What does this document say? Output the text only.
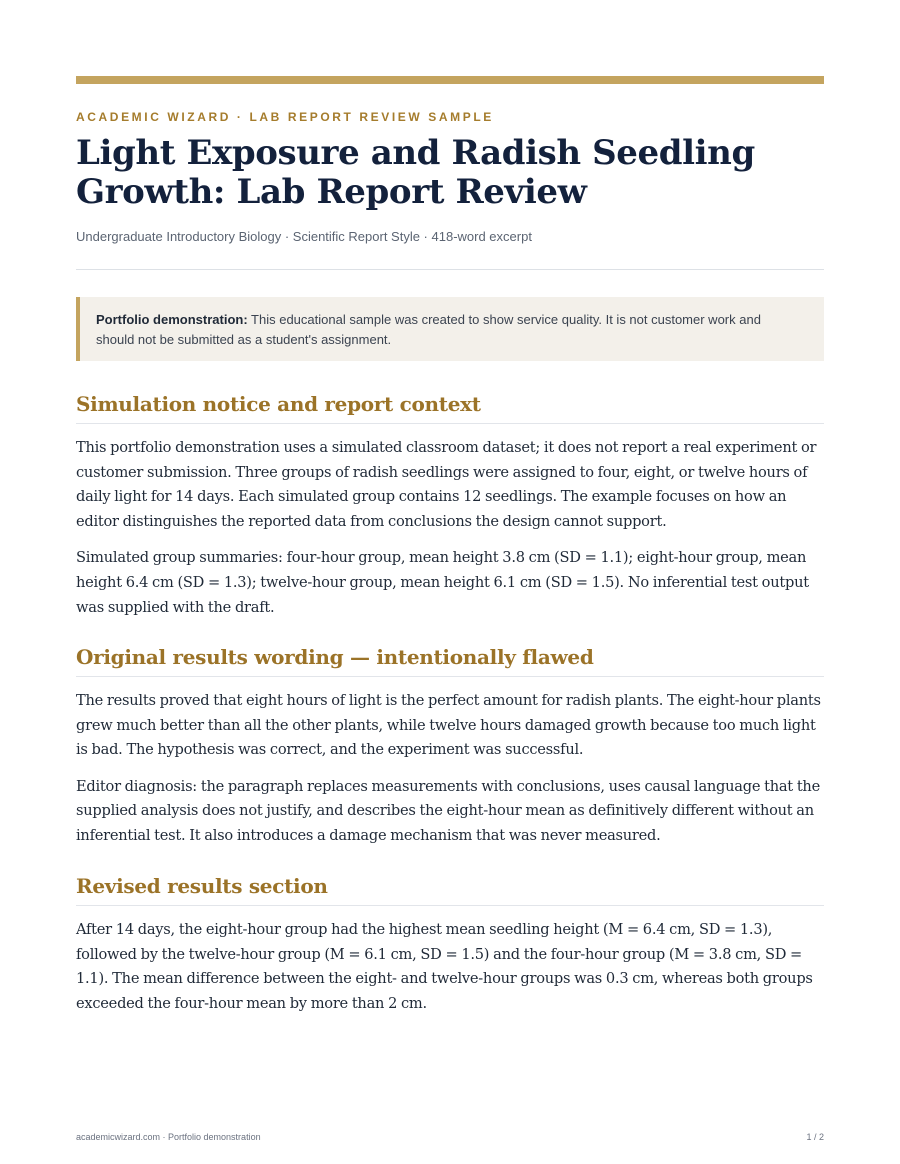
ACADEMIC WIZARD · LAB REPORT REVIEW SAMPLE
Light Exposure and Radish Seedling
Growth: Lab Report Review
Undergraduate Introductory Biology · Scientific Report Style · 418-word excerpt
Portfolio demonstration: This educational sample was created to show service quality. It is not customer work and should not be submitted as a student's assignment.
Simulation notice and report context

This portfolio demonstration uses a simulated classroom dataset; it does not report a real experiment or customer submission. Three groups of radish seedlings were assigned to four, eight, or twelve hours of daily light for 14 days. Each simulated group contains 12 seedlings. The example focuses on how an editor distinguishes the reported data from conclusions the design cannot support.

Simulated group summaries: four-hour group, mean height 3.8 cm (SD = 1.1); eight-hour group, mean height 6.4 cm (SD = 1.3); twelve-hour group, mean height 6.1 cm (SD = 1.5). No inferential test output was supplied with the draft.

Original results wording — intentionally flawed

The results proved that eight hours of light is the perfect amount for radish plants. The eight-hour plants grew much better than all the other plants, while twelve hours damaged growth because too much light is bad. The hypothesis was correct, and the experiment was successful.

Editor diagnosis: the paragraph replaces measurements with conclusions, uses causal language that the supplied analysis does not justify, and describes the eight-hour mean as definitively different without an inferential test. It also introduces a damage mechanism that was never measured.

Revised results section

After 14 days, the eight-hour group had the highest mean seedling height (M = 6.4 cm, SD = 1.3), followed by the twelve-hour group (M = 6.1 cm, SD = 1.5) and the four-hour group (M = 3.8 cm, SD = 1.1). The mean difference between the eight- and twelve-hour groups was 0.3 cm, whereas both groups exceeded the four-hour mean by more than 2 cm.

academicwizard.com · Portfolio demonstration	1 / 2
